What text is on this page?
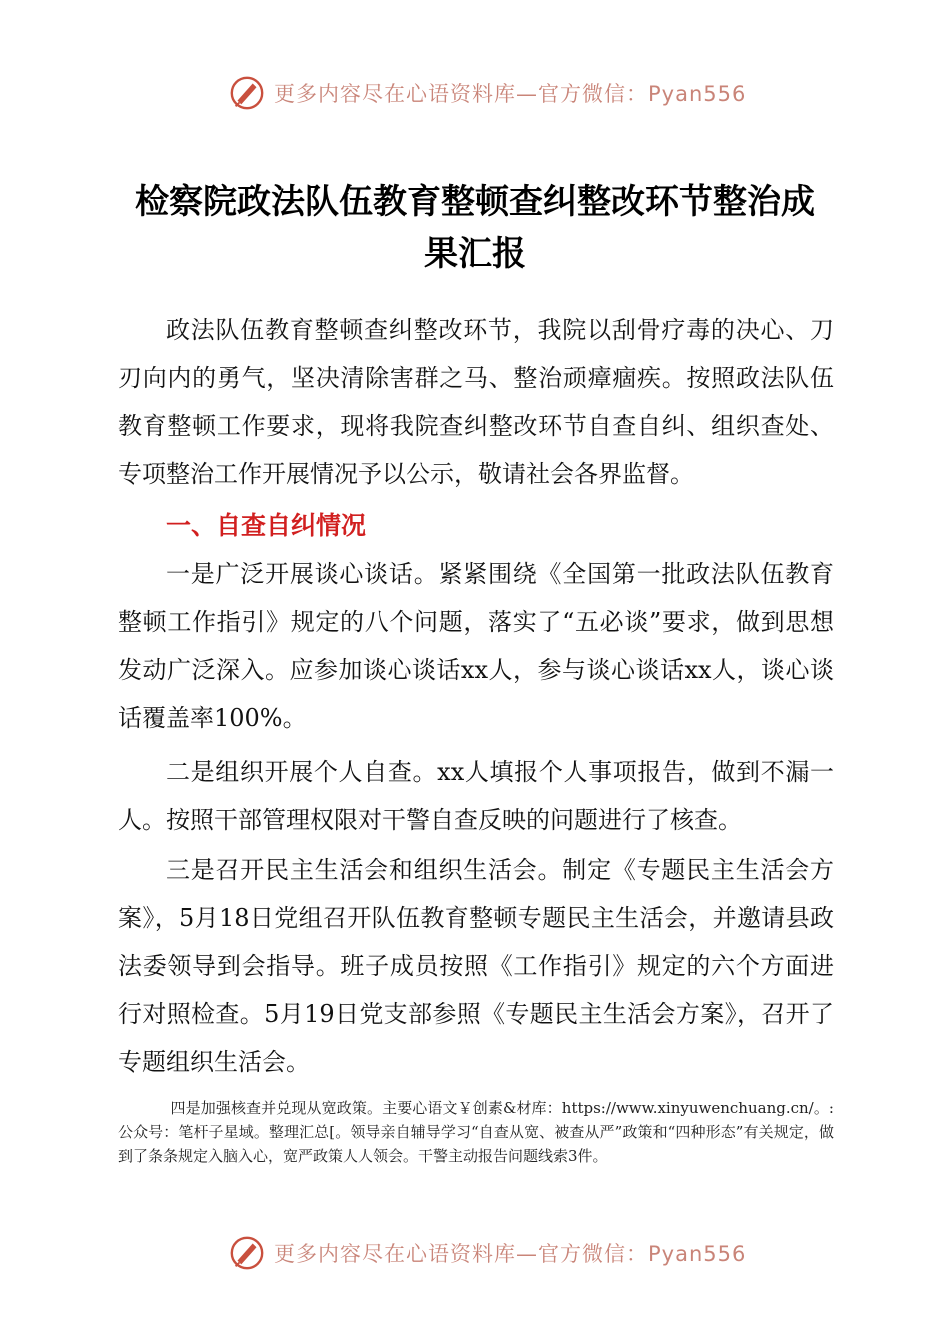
更多内容尽在心语资料库—官方微信：Pyan556
检察院政法队伍教育整顿查纠整改环节整治成
果汇报

政法队伍教育整顿查纠整改环节，我院以刮骨疗毒的决心、刀刃向内的勇气，坚决清除害群之马、整治顽瘴痼疾。按照政法队伍教育整顿工作要求，现将我院查纠整改环节自查自纠、组织查处、专项整治工作开展情况予以公示，敬请社会各界监督。

一、自查自纠情况

一是广泛开展谈心谈话。紧紧围绕《全国第一批政法队伍教育整顿工作指引》规定的八个问题，落实了“五必谈”要求，做到思想发动广泛深入。应参加谈心谈话xx人，参与谈心谈话xx人，谈心谈话覆盖率100%。

二是组织开展个人自查。xx人填报个人事项报告，做到不漏一人。按照干部管理权限对干警自查反映的问题进行了核查。

三是召开民主生活会和组织生活会。制定《专题民主生活会方案》，5月18日党组召开队伍教育整顿专题民主生活会，并邀请县政法委领导到会指导。班子成员按照《工作指引》规定的六个方面进行对照检查。5月19日党支部参照《专题民主生活会方案》，召开了专题组织生活会。

四是加强核查并兑现从宽政策。主要心语文￥创素&材库：https://www.xinyuwenchuang.cn/。:公众号：笔杆子星域。整理汇总[。领导亲自辅导学习“自查从宽、被查从严”政策和“四种形态”有关规定，做到了条条规定入脑入心，宽严政策人人领会。干警主动报告问题线索3件。

更多内容尽在心语资料库—官方微信：Pyan556
